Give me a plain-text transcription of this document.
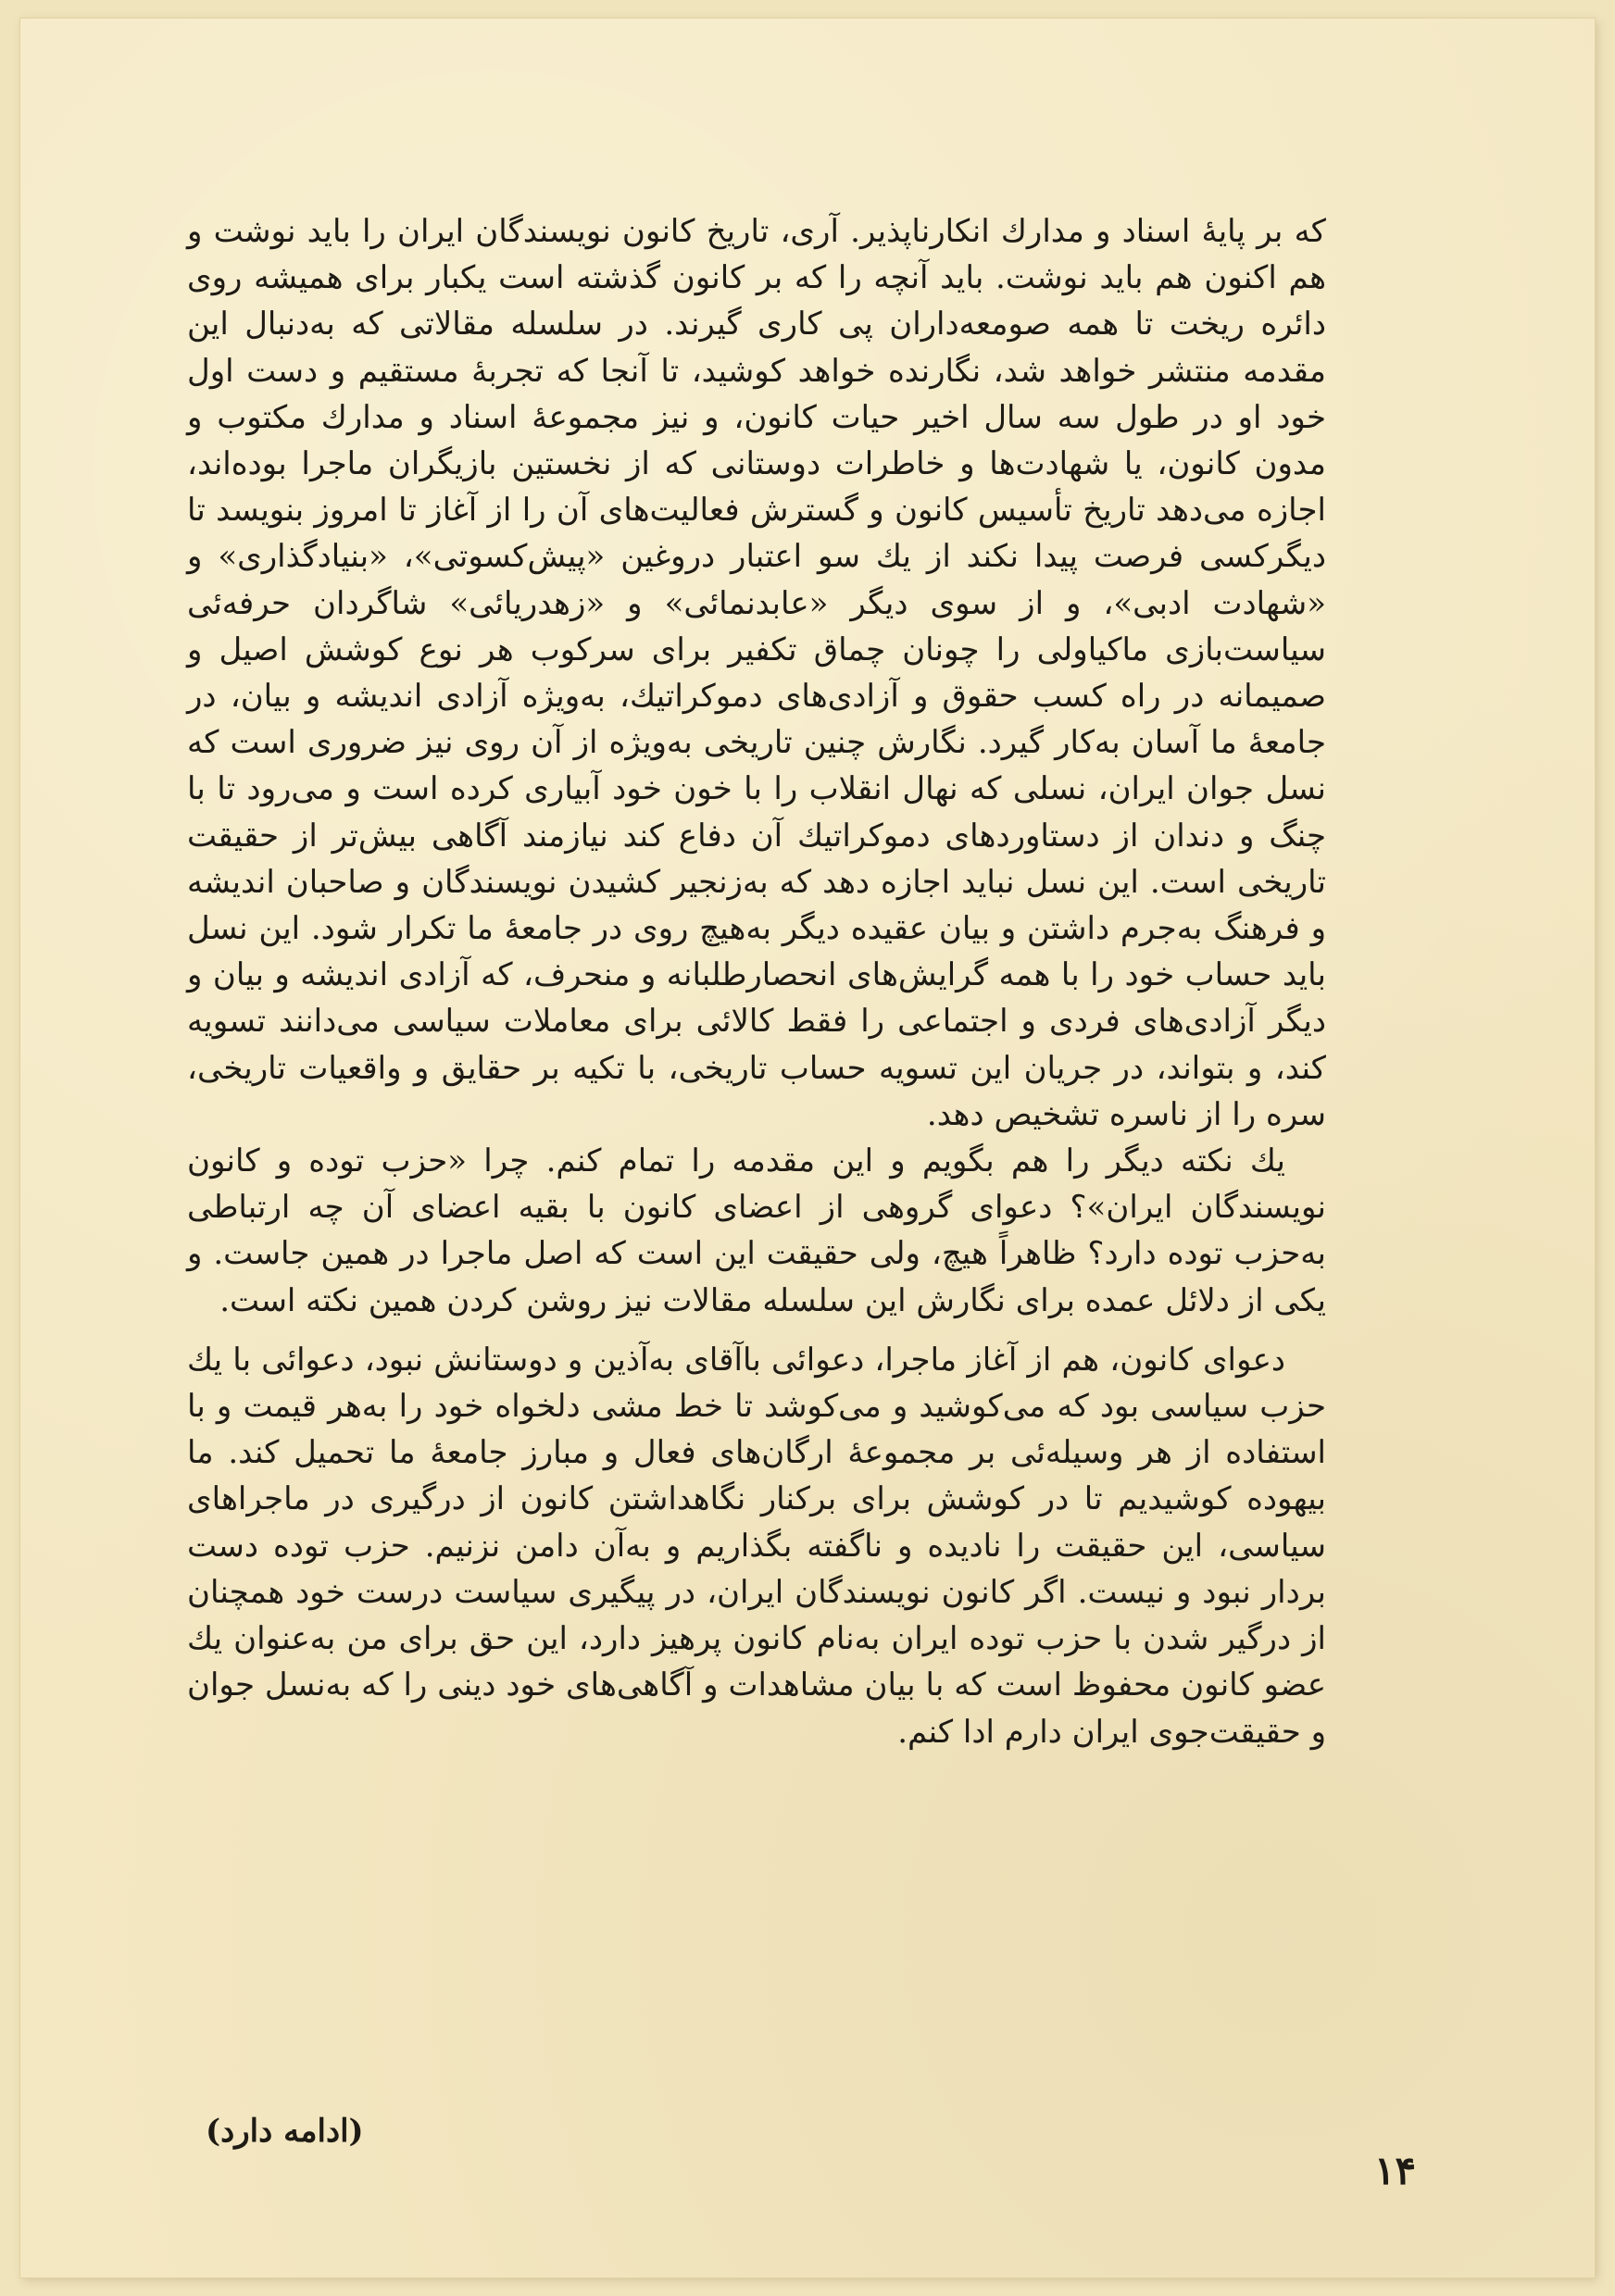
که بر پایهٔ اسناد و مدارك انکارناپذیر. آری، تاریخ کانون نویسندگان ایران را باید نوشت و هم اکنون هم باید نوشت. باید آنچه را که بر کانون گذشته است یکبار برای همیشه روی دائره ریخت تا همه صومعه‌داران پی کاری گیرند. در سلسله مقالاتی که به‌دنبال این مقدمه منتشر خواهد شد، نگارنده خواهد کوشید، تا آنجا که تجربهٔ مستقیم و دست اول خود او در طول سه سال اخیر حیات کانون، و نیز مجموعهٔ اسناد و مدارك مکتوب و مدون کانون، یا شهادت‌ها و خاطرات دوستانی که از نخستین بازیگران ماجرا بوده‌اند، اجازه می‌دهد تاریخ تأسیس کانون و گسترش فعالیت‌های آن را از آغاز تا امروز بنویسد تا دیگرکسی فرصت پیدا نکند از یك سو اعتبار دروغین «پیش‌کسوتی»، «بنیادگذاری» و «شهادت ادبی»، و از سوی دیگر «عابدنمائی» و «زهدریائی» شاگردان حرفه‌ئی سیاست‌بازی ماکیاولی را چونان چماق تکفیر برای سرکوب هر نوع کوشش اصیل و صمیمانه در راه کسب حقوق و آزادی‌های دموکراتیك، به‌ویژه آزادی اندیشه و بیان، در جامعهٔ ما آسان به‌کار گیرد. نگارش چنین تاریخی به‌ویژه از آن روی نیز ضروری است که نسل جوان ایران، نسلی که نهال انقلاب را با خون خود آبیاری کرده است و می‌رود تا با چنگ و دندان از دستاوردهای دموکراتیك آن دفاع کند نیازمند آگاهی بیش‌تر از حقیقت تاریخی است. این نسل نباید اجازه دهد که به‌زنجیر کشیدن نویسندگان و صاحبان اندیشه و فرهنگ به‌جرم داشتن و بیان عقیده دیگر به‌هیچ روی در جامعهٔ ما تکرار شود. این نسل باید حساب خود را با همه گرایش‌های انحصارطلبانه و منحرف، که آزادی اندیشه و بیان و دیگر آزادی‌های فردی و اجتماعی را فقط کالائی برای معاملات سیاسی می‌دانند تسویه کند، و بتواند، در جریان این تسویه حساب تاریخی، با تکیه بر حقایق و واقعیات تاریخی، سره را از ناسره تشخیص دهد.

یك نکته دیگر را هم بگویم و این مقدمه را تمام کنم. چرا «حزب توده و کانون نویسندگان ایران»؟ دعوای گروهی از اعضای کانون با بقیه اعضای آن چه ارتباطی به‌حزب توده دارد؟ ظاهراً هیچ، ولی حقیقت این است که اصل ماجرا در همین جاست. و یکی از دلائل عمده برای نگارش این سلسله مقالات نیز روشن کردن همین نکته است.

دعوای کانون، هم از آغاز ماجرا، دعوائی باآقای به‌آذین و دوستانش نبود، دعوائی با یك حزب سیاسی بود که می‌کوشید و می‌کوشد تا خط مشی دلخواه خود را به‌هر قیمت و با استفاده از هر وسیله‌ئی بر مجموعهٔ ارگان‌های فعال و مبارز جامعهٔ ما تحمیل کند. ما بیهوده کوشیدیم تا در کوشش برای برکنار نگاهداشتن کانون از درگیری در ماجراهای سیاسی، این حقیقت را نادیده و ناگفته بگذاریم و به‌آن دامن نزنیم. حزب توده دست بردار نبود و نیست. اگر کانون نویسندگان ایران، در پیگیری سیاست درست خود همچنان از درگیر شدن با حزب توده ایران به‌نام کانون پرهیز دارد، این حق برای من به‌عنوان یك عضو کانون محفوظ است که با بیان مشاهدات و آگاهی‌های خود دینی را که به‌نسل جوان و حقیقت‌جوی ایران دارم ادا کنم.

(ادامه دارد)
۱۴
